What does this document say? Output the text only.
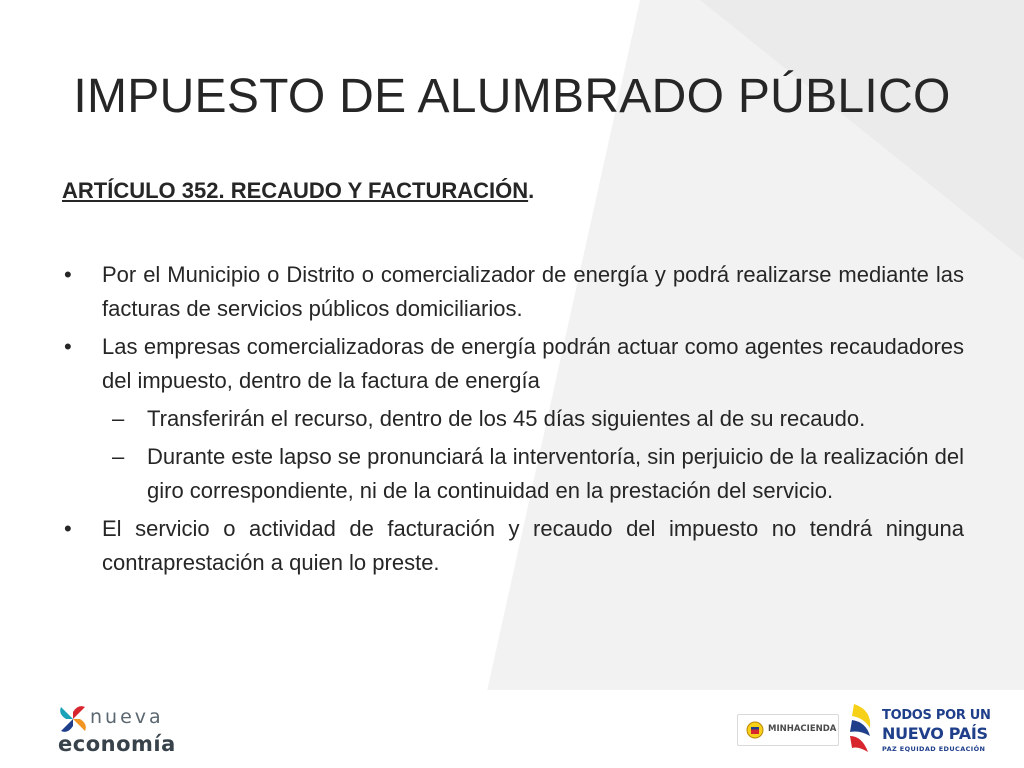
IMPUESTO DE ALUMBRADO PÚBLICO
ARTÍCULO 352. RECAUDO Y FACTURACIÓN.
• Por el Municipio o Distrito o comercializador de energía y podrá realizarse mediante las facturas de servicios públicos domiciliarios.
• Las empresas comercializadoras de energía podrán actuar como agentes recaudadores del impuesto, dentro de la factura de energía
– Transferirán el recurso, dentro de los 45 días siguientes al de su recaudo.
– Durante este lapso se pronunciará la interventoría, sin perjuicio de la realización del giro correspondiente, ni de la continuidad en la prestación del servicio.
• El servicio o actividad de facturación y recaudo del impuesto no tendrá ninguna contraprestación a quien lo preste.
nueva
economía
MINHACIENDA
TODOS POR UN
NUEVO PAÍS
PAZ EQUIDAD EDUCACIÓN
